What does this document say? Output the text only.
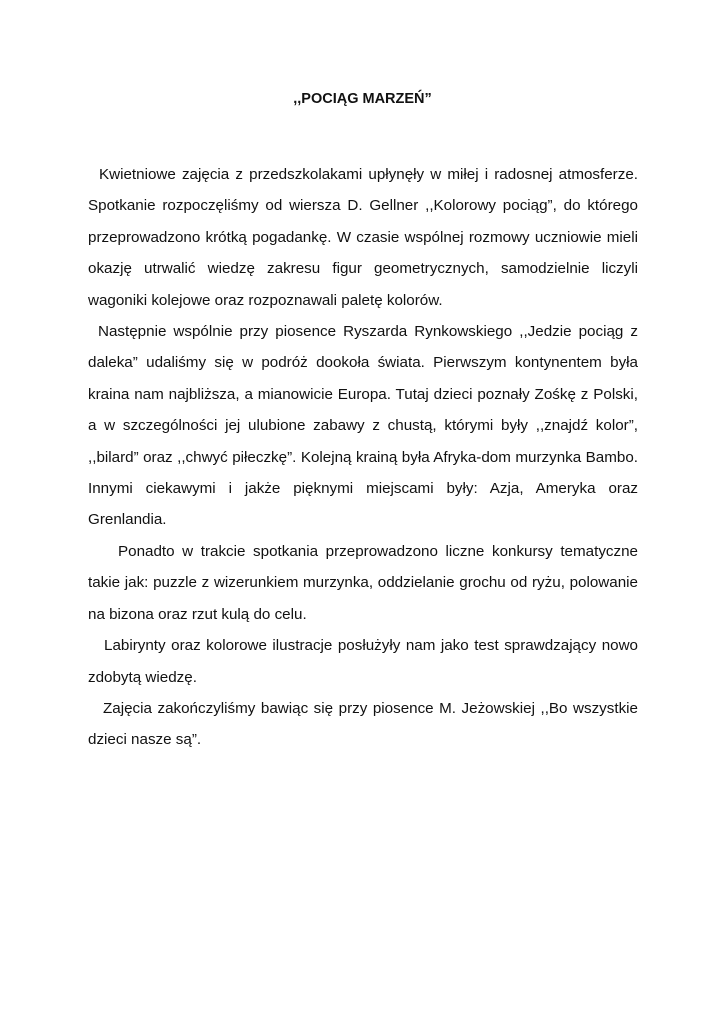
,,POCIĄG MARZEŃ”

Kwietniowe zajęcia z przedszkolakami upłynęły w miłej i radosnej atmosferze. Spotkanie rozpoczęliśmy od wiersza D. Gellner ,,Kolorowy pociąg”, do którego przeprowadzono krótką pogadankę. W czasie wspólnej rozmowy uczniowie mieli okazję utrwalić wiedzę zakresu figur geometrycznych, samodzielnie liczyli wagoniki kolejowe oraz rozpoznawali paletę kolorów.

Następnie wspólnie przy piosence Ryszarda Rynkowskiego ,,Jedzie pociąg z daleka” udaliśmy się w podróż dookoła świata. Pierwszym kontynentem była kraina nam najbliższa, a mianowicie Europa. Tutaj dzieci poznały Zośkę z Polski, a w szczególności jej ulubione zabawy z chustą, którymi były ,,znajdź kolor”, ,,bilard” oraz ,,chwyć piłeczkę”. Kolejną krainą była Afryka-dom murzynka Bambo. Innymi ciekawymi i jakże pięknymi miejscami były: Azja, Ameryka oraz Grenlandia.

Ponadto w trakcie spotkania przeprowadzono liczne konkursy tematyczne takie jak: puzzle z wizerunkiem murzynka, oddzielanie grochu od ryżu, polowanie na bizona oraz rzut kulą do celu.

Labirynty oraz kolorowe ilustracje posłużyły nam jako test sprawdzający nowo zdobytą wiedzę.

Zajęcia zakończyliśmy bawiąc się przy piosence M. Jeżowskiej ,,Bo wszystkie dzieci nasze są”.
